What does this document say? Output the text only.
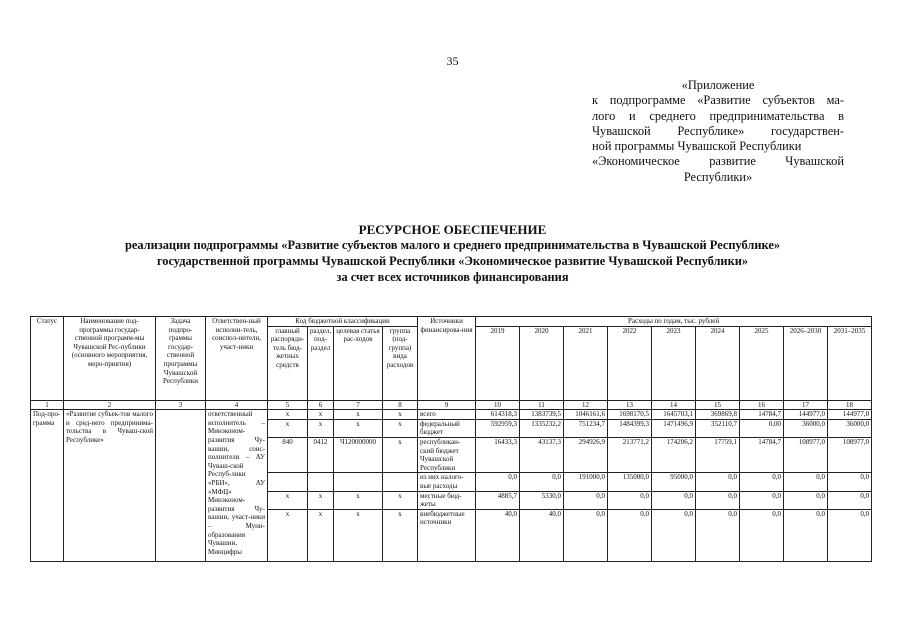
35
«Приложение
к подпрограмме «Развитие субъектов ма-
лого и среднего предпринимательства в
Чувашской Республике» государствен-
ной программы Чувашской Республики
«Экономическое развитие Чувашской
Республики»
РЕСУРСНОЕ ОБЕСПЕЧЕНИЕ
реализации подпрограммы «Развитие субъектов малого и среднего предпринимательства в Чувашской Республике»
государственной программы Чувашской Республики «Экономическое развитие Чувашской Республики»
за счет всех источников финансирования
Статус	Наименование под-программы государ-ственной программ-мы Чувашской Рес-публики (основного мероприятия, меро-приятия)	Задача подпро-граммы государ-ственной программы Чувашской Республики	Ответствен-ный исполни-тель, соиспол-нители, участ-ники	Код бюджетной классификации				Источники финансирова-ния	Расходы по годам, тыс. рублей								
				главный распоряди-тель бюд-жетных средств	раздел, под-раздел	целевая статья рас-ходов	группа (под-группа) вида расходов		2019	2020	2021	2022	2023	2024	2025	2026–2030	2031–2035
1	2	3	4	5	6	7	8	9	10	11	12	13	14	15	16	17	18
Под-про-грамма	«Развитие субъек-тов малого и сред-него предпринима-тельства в Чуваш-ской Республике»		ответственный исполнитель – Минэконом-развития Чу-вашии, соис-полнители – АУ Чуваш-ской Респуб-лики «РБИ», АУ «МФЦ» Минэконом-развития Чу-вашии, участ-ники – Муни-образования Чувашии, Минцифры	х	х	х	х	всего	614318,3	1383739,5	1046161,6	1698170,5	1645703,1	369869,8	14784,7	144977,0	144977,0
				х	х	х	х	федеральный бюджет	592959,3	1335232,2	751234,7	1484399,3	1471496,9	352110,7	0,00	36000,0	36000,0
				840	0412	Ч120000000	х	республикан-ский бюджет Чувашской Республики	16433,3	43137,3	294926,9	213771,2	174206,2	17759,1	14784,7	108977,0	108977,0
								из них налого-вые расходы	0,0	0,0	191000,0	135000,0	95000,0	0,0	0,0	0,0	0,0
				х	х	х	х	местные бюд-жеты	4885,7	5330,0	0,0	0,0	0,0	0,0	0,0	0,0	0,0
				х	х	х	х	внебюджетные источники	40,0	40,0	0,0	0,0	0,0	0,0	0,0	0,0	0,0
